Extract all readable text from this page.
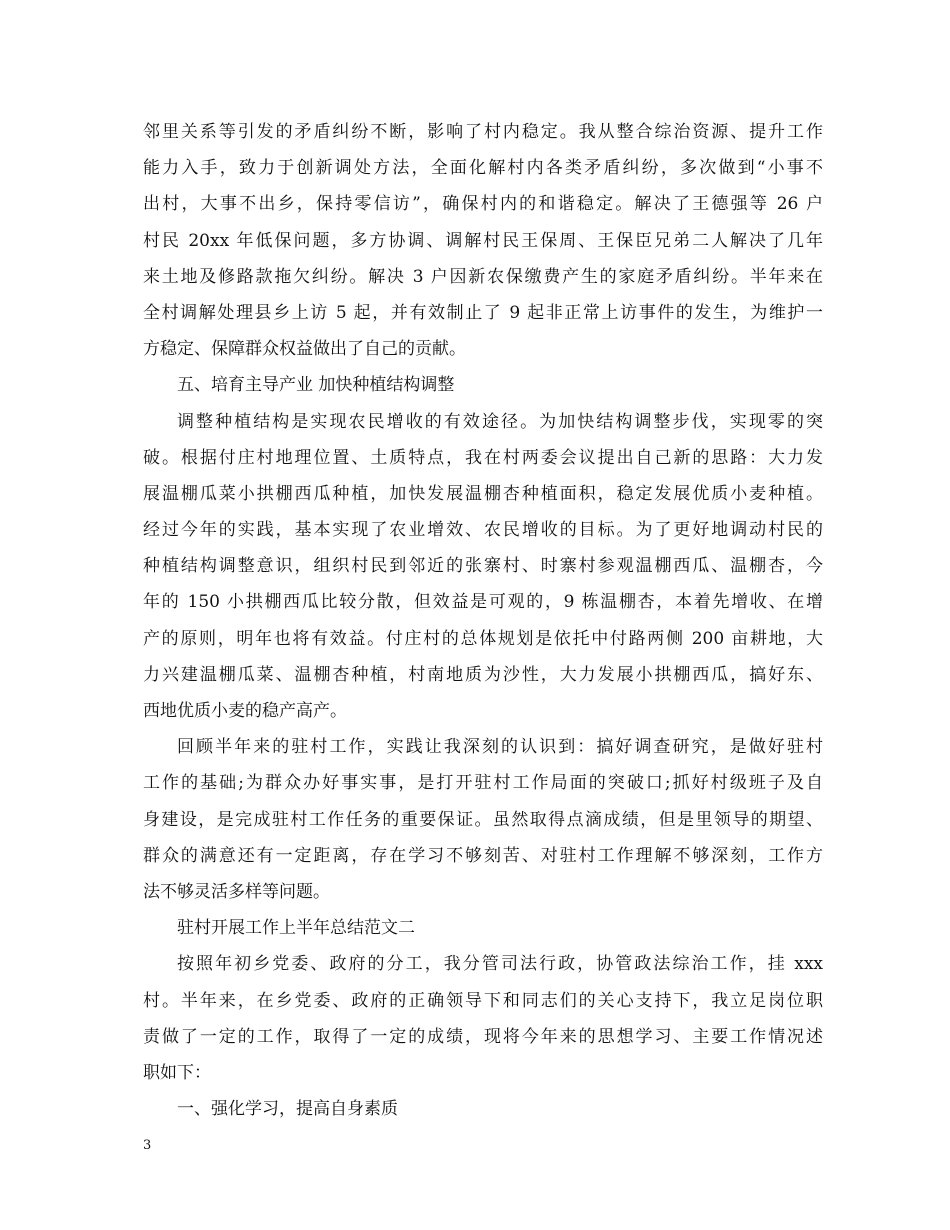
邻里关系等引发的矛盾纠纷不断，影响了村内稳定。我从整合综治资源、提升工作
能力入手，致力于创新调处方法，全面化解村内各类矛盾纠纷，多次做到“小事不
出村，大事不出乡，保持零信访”，确保村内的和谐稳定。解决了王德强等 26 户
村民 20xx 年低保问题，多方协调、调解村民王保周、王保臣兄弟二人解决了几年
来土地及修路款拖欠纠纷。解决 3 户因新农保缴费产生的家庭矛盾纠纷。半年来在
全村调解处理县乡上访 5 起，并有效制止了 9 起非正常上访事件的发生，为维护一
方稳定、保障群众权益做出了自己的贡献。
五、培育主导产业 加快种植结构调整
调整种植结构是实现农民增收的有效途径。为加快结构调整步伐，实现零的突
破。根据付庄村地理位置、土质特点，我在村两委会议提出自己新的思路：大力发
展温棚瓜菜小拱棚西瓜种植，加快发展温棚杏种植面积，稳定发展优质小麦种植。
经过今年的实践，基本实现了农业增效、农民增收的目标。为了更好地调动村民的
种植结构调整意识，组织村民到邻近的张寨村、时寨村参观温棚西瓜、温棚杏，今
年的 150 小拱棚西瓜比较分散，但效益是可观的，9 栋温棚杏，本着先增收、在增
产的原则，明年也将有效益。付庄村的总体规划是依托中付路两侧 200 亩耕地，大
力兴建温棚瓜菜、温棚杏种植，村南地质为沙性，大力发展小拱棚西瓜，搞好东、
西地优质小麦的稳产高产。
回顾半年来的驻村工作，实践让我深刻的认识到：搞好调查研究，是做好驻村
工作的基础;为群众办好事实事，是打开驻村工作局面的突破口;抓好村级班子及自
身建设，是完成驻村工作任务的重要保证。虽然取得点滴成绩，但是里领导的期望、
群众的满意还有一定距离，存在学习不够刻苦、对驻村工作理解不够深刻，工作方
法不够灵活多样等问题。
驻村开展工作上半年总结范文二
按照年初乡党委、政府的分工，我分管司法行政，协管政法综治工作，挂 xxx
村。半年来，在乡党委、政府的正确领导下和同志们的关心支持下，我立足岗位职
责做了一定的工作，取得了一定的成绩，现将今年来的思想学习、主要工作情况述
职如下：
一、强化学习，提高自身素质
3
